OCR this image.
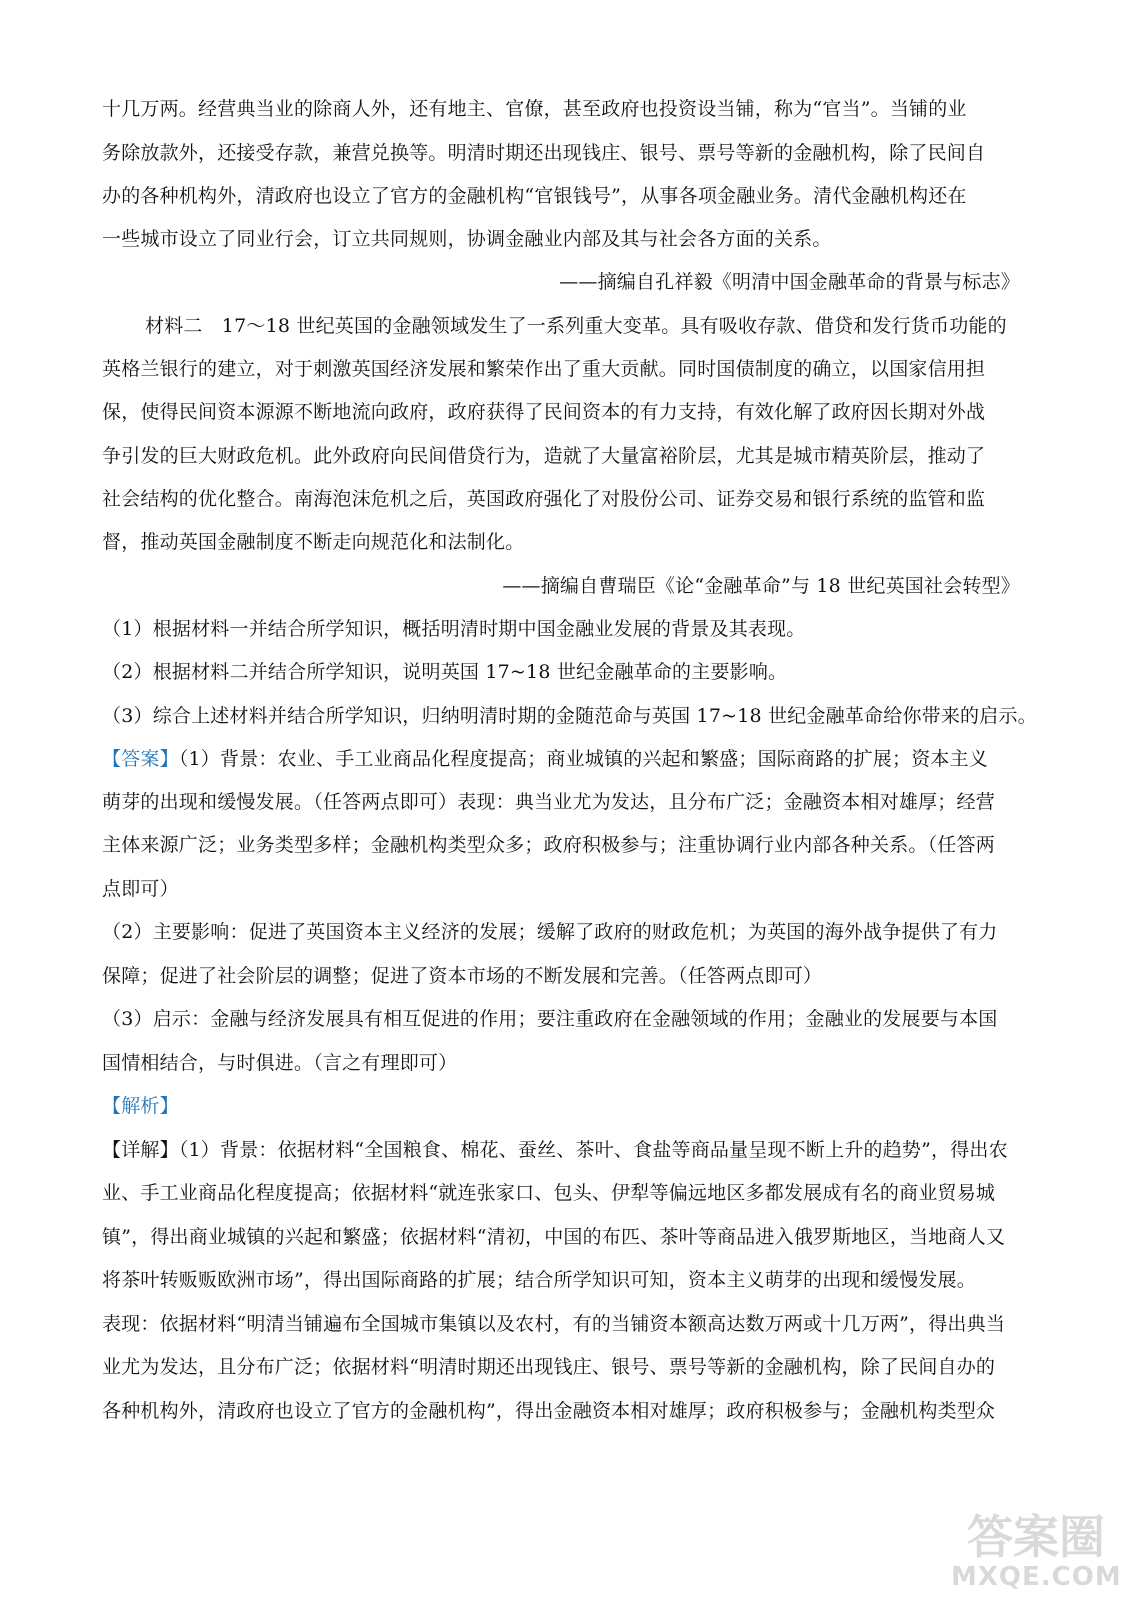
十几万两。经营典当业的除商人外，还有地主、官僚，甚至政府也投资设当铺，称为“官当”。当铺的业
务除放款外，还接受存款，兼营兑换等。明清时期还出现钱庄、银号、票号等新的金融机构，除了民间自
办的各种机构外，清政府也设立了官方的金融机构“官银钱号”，从事各项金融业务。清代金融机构还在
一些城市设立了同业行会，订立共同规则，协调金融业内部及其与社会各方面的关系。
——摘编自孔祥毅《明清中国金融革命的背景与标志》
材料二　17～18 世纪英国的金融领域发生了一系列重大变革。具有吸收存款、借贷和发行货币功能的
英格兰银行的建立，对于刺激英国经济发展和繁荣作出了重大贡献。同时国债制度的确立，以国家信用担
保，使得民间资本源源不断地流向政府，政府获得了民间资本的有力支持，有效化解了政府因长期对外战
争引发的巨大财政危机。此外政府向民间借贷行为，造就了大量富裕阶层，尤其是城市精英阶层，推动了
社会结构的优化整合。南海泡沫危机之后，英国政府强化了对股份公司、证券交易和银行系统的监管和监
督，推动英国金融制度不断走向规范化和法制化。
——摘编自曹瑞臣《论“金融革命”与 18 世纪英国社会转型》
（1）根据材料一并结合所学知识，概括明清时期中国金融业发展的背景及其表现。
（2）根据材料二并结合所学知识，说明英国 17~18 世纪金融革命的主要影响。
（3）综合上述材料并结合所学知识，归纳明清时期的金随范命与英国 17~18 世纪金融革命给你带来的启示。
【答案】（1）背景：农业、手工业商品化程度提高；商业城镇的兴起和繁盛；国际商路的扩展；资本主义
萌芽的出现和缓慢发展。（任答两点即可）表现：典当业尤为发达，且分布广泛；金融资本相对雄厚；经营
主体来源广泛；业务类型多样；金融机构类型众多；政府积极参与；注重协调行业内部各种关系。（任答两
点即可）
（2）主要影响：促进了英国资本主义经济的发展；缓解了政府的财政危机；为英国的海外战争提供了有力
保障；促进了社会阶层的调整；促进了资本市场的不断发展和完善。（任答两点即可）
（3）启示：金融与经济发展具有相互促进的作用；要注重政府在金融领域的作用；金融业的发展要与本国
国情相结合，与时俱进。（言之有理即可）
【解析】
【详解】（1）背景：依据材料“全国粮食、棉花、蚕丝、茶叶、食盐等商品量呈现不断上升的趋势”，得出农
业、手工业商品化程度提高；依据材料“就连张家口、包头、伊犁等偏远地区多都发展成有名的商业贸易城
镇”，得出商业城镇的兴起和繁盛；依据材料“清初，中国的布匹、茶叶等商品进入俄罗斯地区，当地商人又
将茶叶转贩贩欧洲市场”，得出国际商路的扩展；结合所学知识可知，资本主义萌芽的出现和缓慢发展。
表现：依据材料“明清当铺遍布全国城市集镇以及农村，有的当铺资本额高达数万两或十几万两”，得出典当
业尤为发达，且分布广泛；依据材料“明清时期还出现钱庄、银号、票号等新的金融机构，除了民间自办的
各种机构外，清政府也设立了官方的金融机构”，得出金融资本相对雄厚；政府积极参与；金融机构类型众
答案圈
MXQE.COM
